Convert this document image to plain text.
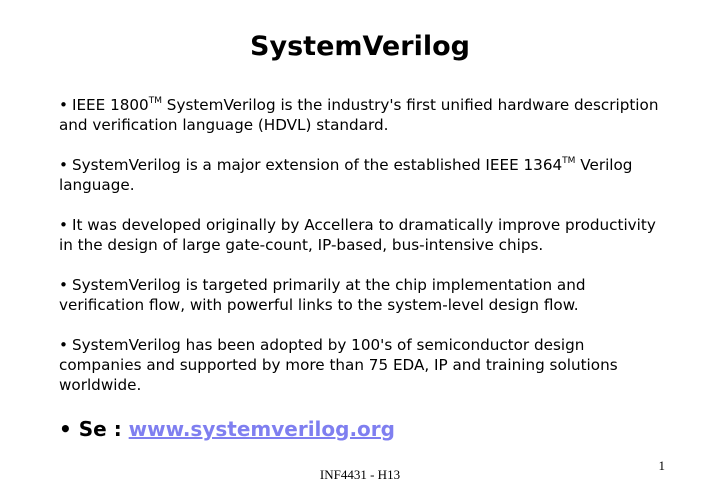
SystemVerilog

• IEEE 1800™ SystemVerilog is the industry's first unified hardware description and verification language (HDVL) standard.

• SystemVerilog is a major extension of the established IEEE 1364™ Verilog language.

• It was developed originally by Accellera to dramatically improve productivity in the design of large gate-count, IP-based, bus-intensive chips.

• SystemVerilog is targeted primarily at the chip implementation and verification flow, with powerful links to the system-level design flow.

• SystemVerilog has been adopted by 100's of semiconductor design companies and supported by more than 75 EDA, IP and training solutions worldwide.

• Se : www.systemverilog.org
1
INF4431 - H13
